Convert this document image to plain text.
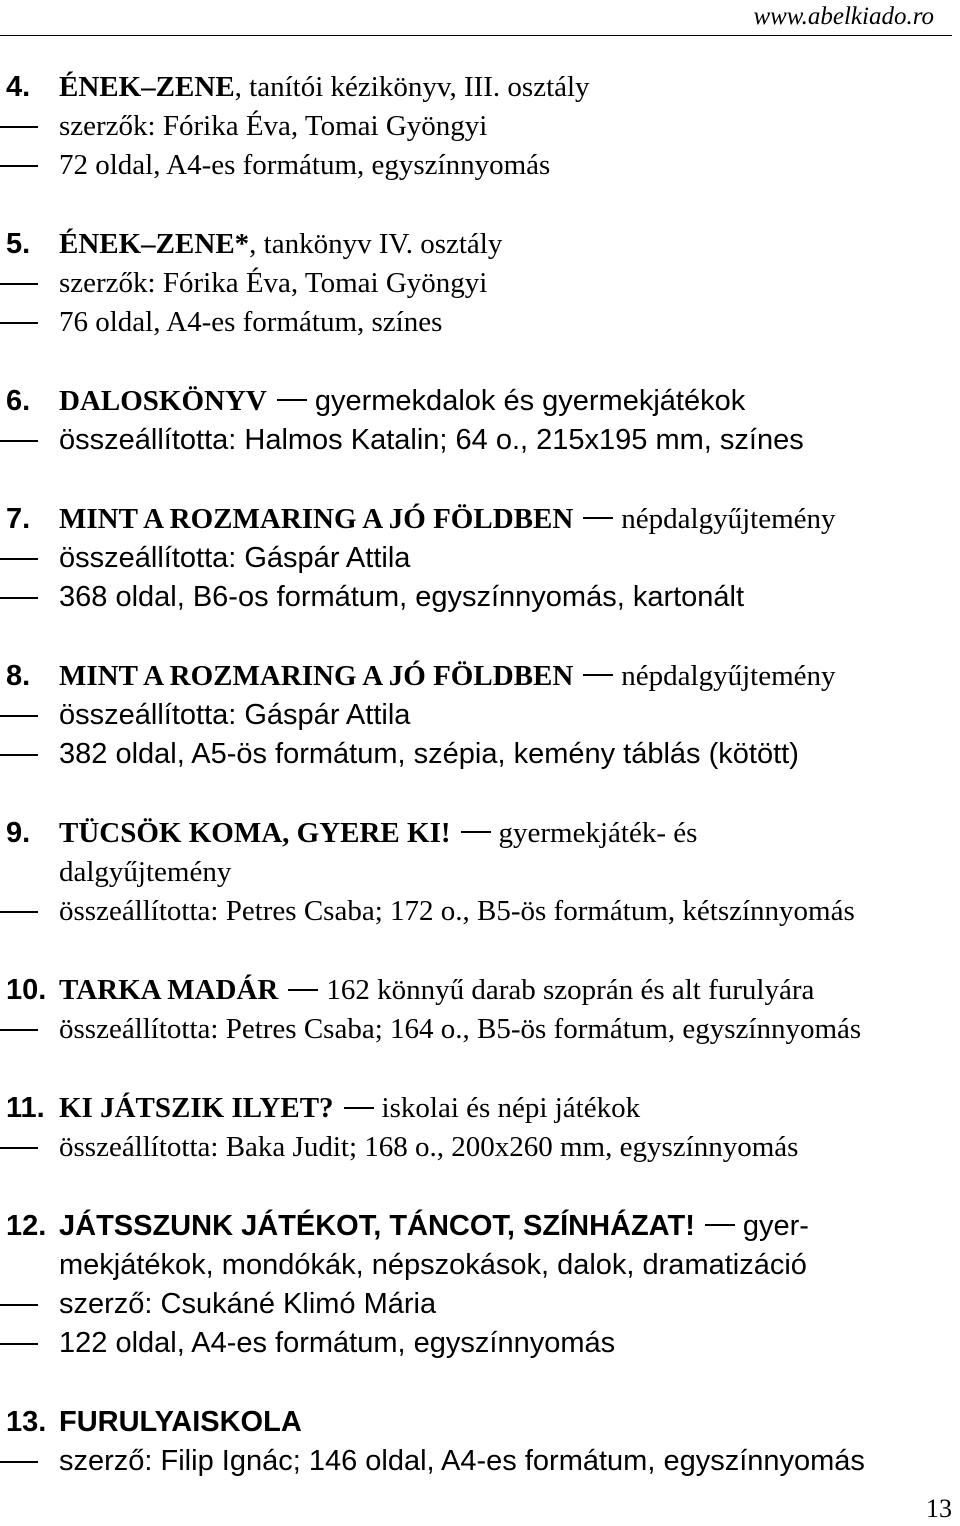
www.abelkiado.ro
4. ÉNEK–ZENE, tanítói kézikönyv, III. osztály
szerzők: Fórika Éva, Tomai Gyöngyi
72 oldal, A4-es formátum, egyszínnyomás
5. ÉNEK–ZENE*, tankönyv IV. osztály
szerzők: Fórika Éva, Tomai Gyöngyi
76 oldal, A4-es formátum, színes
6. DALOSKÖNYV gyermekdalok és gyermekjátékok
összeállította: Halmos Katalin; 64 o., 215x195 mm, színes
7. MINT A ROZMARING A JÓ FÖLDBEN népdalgyűjtemény
összeállította: Gáspár Attila
368 oldal, B6-os formátum, egyszínnyomás, kartonált
8. MINT A ROZMARING A JÓ FÖLDBEN népdalgyűjtemény
összeállította: Gáspár Attila
382 oldal, A5-ös formátum, szépia, kemény táblás (kötött)
9. TÜCSÖK KOMA, GYERE KI! gyermekjáték- és
dalgyűjtemény
összeállította: Petres Csaba; 172 o., B5-ös formátum, kétszínnyomás
10. TARKA MADÁR 162 könnyű darab szoprán és alt furulyára
összeállította: Petres Csaba; 164 o., B5-ös formátum, egyszínnyomás
11. KI JÁTSZIK ILYET? iskolai és népi játékok
összeállította: Baka Judit; 168 o., 200x260 mm, egyszínnyomás
12. JÁTSSZUNK JÁTÉKOT, TÁNCOT, SZÍNHÁZAT! gyer-
mekjátékok, mondókák, népszokások, dalok, dramatizáció
szerző: Csukáné Klimó Mária
122 oldal, A4-es formátum, egyszínnyomás
13. FURULYAISKOLA
szerző: Filip Ignác; 146 oldal, A4-es formátum, egyszínnyomás
13
